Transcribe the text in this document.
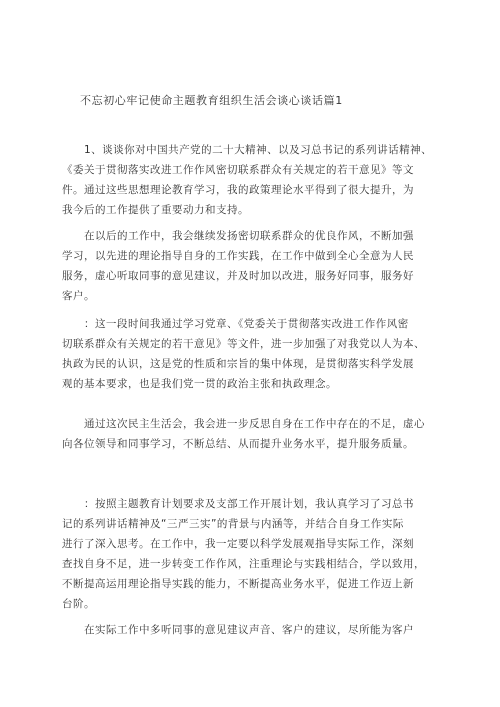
不忘初心牢记使命主题教育组织生活会谈心谈话篇1
1、谈谈你对中国共产党的二十大精神、以及习总书记的系列讲话精神、
《委关于贯彻落实改进工作作风密切联系群众有关规定的若干意见》等文
件。通过这些思想理论教育学习，我的政策理论水平得到了很大提升，为
我今后的工作提供了重要动力和支持。
在以后的工作中，我会继续发扬密切联系群众的优良作风，不断加强
学习，以先进的理论指导自身的工作实践，在工作中做到全心全意为人民
服务，虚心听取同事的意见建议，并及时加以改进，服务好同事，服务好
客户。
：这一段时间我通过学习党章、《党委关于贯彻落实改进工作作风密
切联系群众有关规定的若干意见》等文件，进一步加强了对我党以人为本、
执政为民的认识，这是党的性质和宗旨的集中体现，是贯彻落实科学发展
观的基本要求，也是我们党一贯的政治主张和执政理念。
通过这次民主生活会，我会进一步反思自身在工作中存在的不足，虚心
向各位领导和同事学习，不断总结、从而提升业务水平，提升服务质量。
：按照主题教育计划要求及支部工作开展计划，我认真学习了习总书
记的系列讲话精神及“三严三实”的背景与内涵等，并结合自身工作实际
进行了深入思考。在工作中，我一定要以科学发展观指导实际工作，深刻
查找自身不足，进一步转变工作作风，注重理论与实践相结合，学以致用，
不断提高运用理论指导实践的能力，不断提高业务水平，促进工作迈上新
台阶。
在实际工作中多听同事的意见建议声音、客户的建议，尽所能为客户
